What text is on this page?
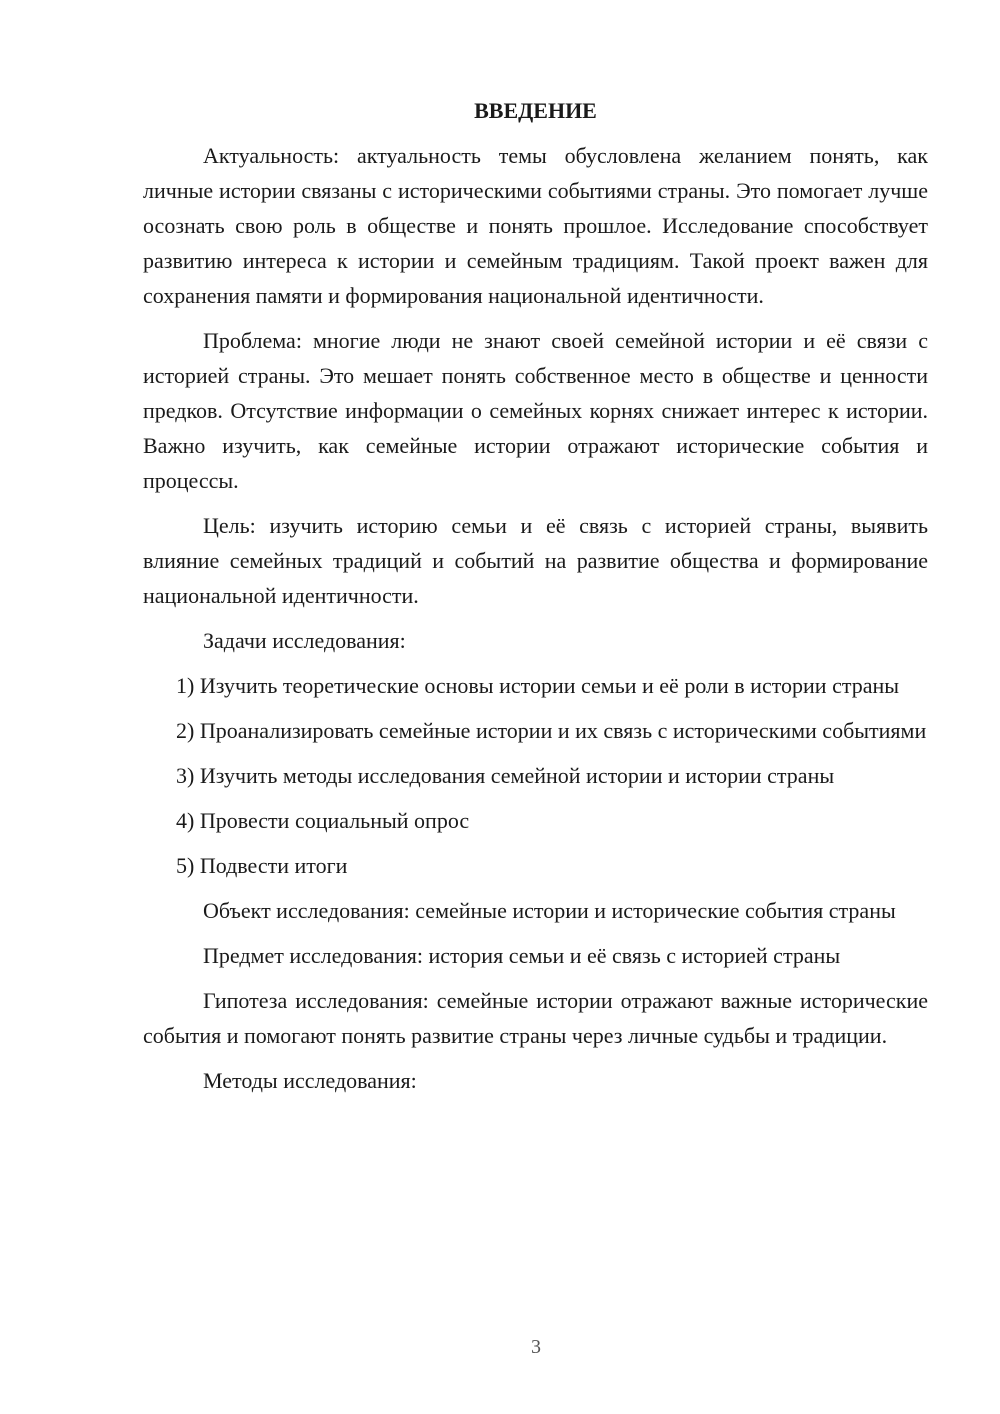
ВВЕДЕНИЕ

Актуальность: актуальность темы обусловлена желанием понять, как личные истории связаны с историческими событиями страны. Это помогает лучше осознать свою роль в обществе и понять прошлое. Исследование способствует развитию интереса к истории и семейным традициям. Такой проект важен для сохранения памяти и формирования национальной идентичности.

Проблема: многие люди не знают своей семейной истории и её связи с историей страны. Это мешает понять собственное место в обществе и ценности предков. Отсутствие информации о семейных корнях снижает интерес к истории. Важно изучить, как семейные истории отражают исторические события и процессы.

Цель: изучить историю семьи и её связь с историей страны, выявить влияние семейных традиций и событий на развитие общества и формирование национальной идентичности.

Задачи исследования:

1) Изучить теоретические основы истории семьи и её роли в истории страны

2) Проанализировать семейные истории и их связь с историческими событиями

3) Изучить методы исследования семейной истории и истории страны

4) Провести социальный опрос

5) Подвести итоги

Объект исследования: семейные истории и исторические события страны

Предмет исследования: история семьи и её связь с историей страны

Гипотеза исследования: семейные истории отражают важные исторические события и помогают понять развитие страны через личные судьбы и традиции.

Методы исследования:

3
